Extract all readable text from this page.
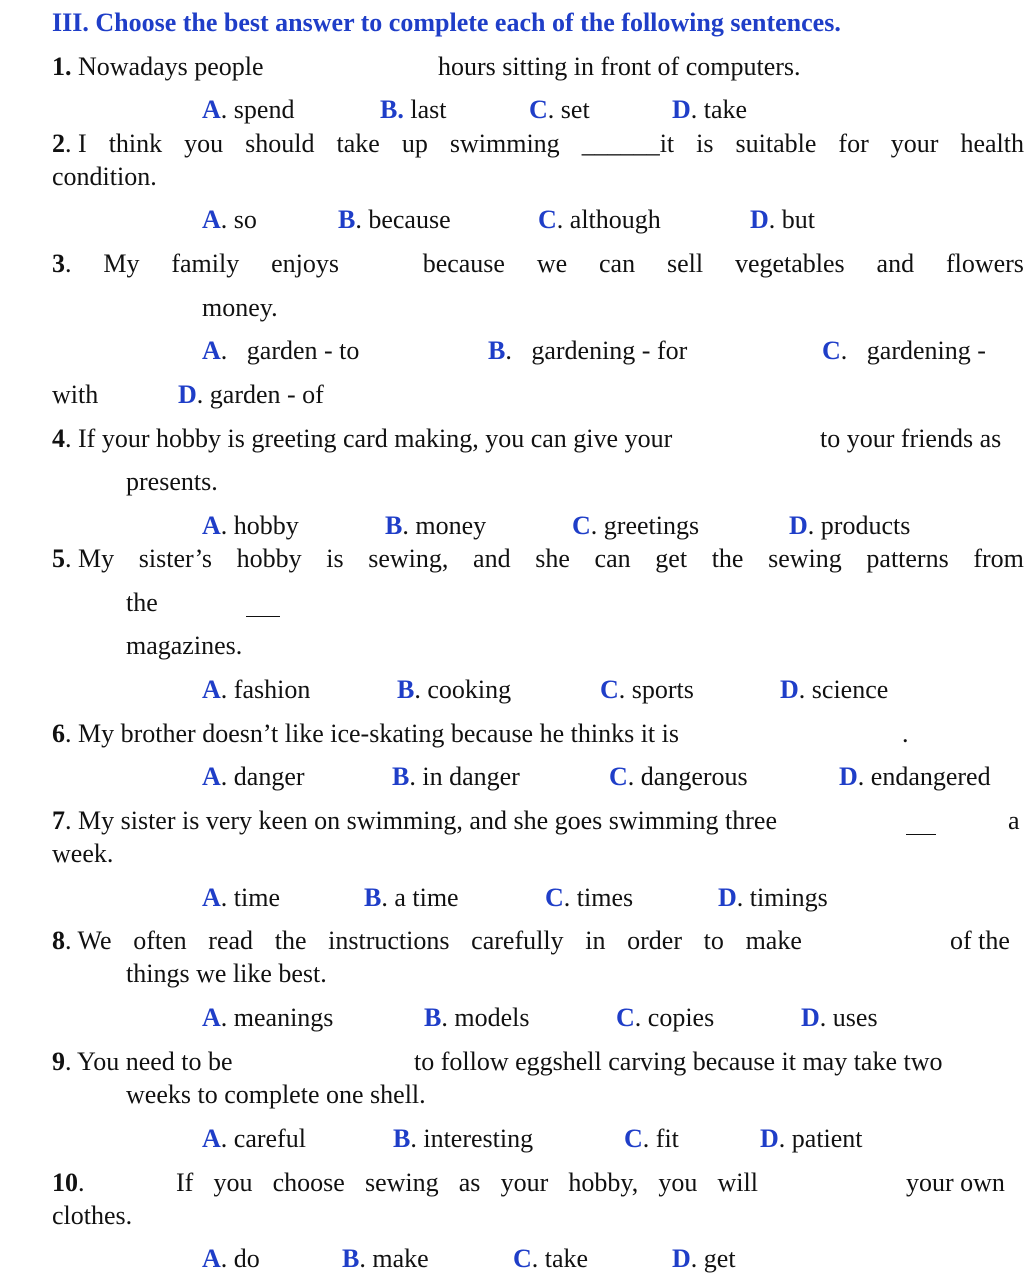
III. Choose the best answer to complete each of the following sentences.
1. Nowadays people	hours sitting in front of computers.
A. spend	B. last	C. set	D. take
2. I think you should take up swimming ______it is suitable for your health
condition.
A. so	B. because	C. although	D. but
3. My family enjoys	because we can sell vegetables and flowers
money.
A.   garden - to	B.   gardening - for	C.   gardening -
with	D. garden - of
4. If your hobby is greeting card making, you can give your	to your friends as
presents.
A. hobby	B. money	C. greetings	D. products
5. My sister’s hobby is sewing, and she can get the sewing patterns from
the
magazines.
A. fashion	B. cooking	C. sports	D. science
6. My brother doesn’t like ice-skating because he thinks it is	.
A. danger	B. in danger	C. dangerous	D. endangered
7. My sister is very keen on swimming, and she goes swimming three	a
week.
A. time	B. a time	C. times	D. timings
8. We often read the instructions carefully in order to make	of the
things we like best.
A. meanings	B. models	C. copies	D. uses
9. You need to be	to follow eggshell carving because it may take two
weeks to complete one shell.
A. careful	B. interesting	C. fit	D. patient
10.	If you choose sewing as your hobby, you will	your own
clothes.
A. do	B. make	C. take	D. get
